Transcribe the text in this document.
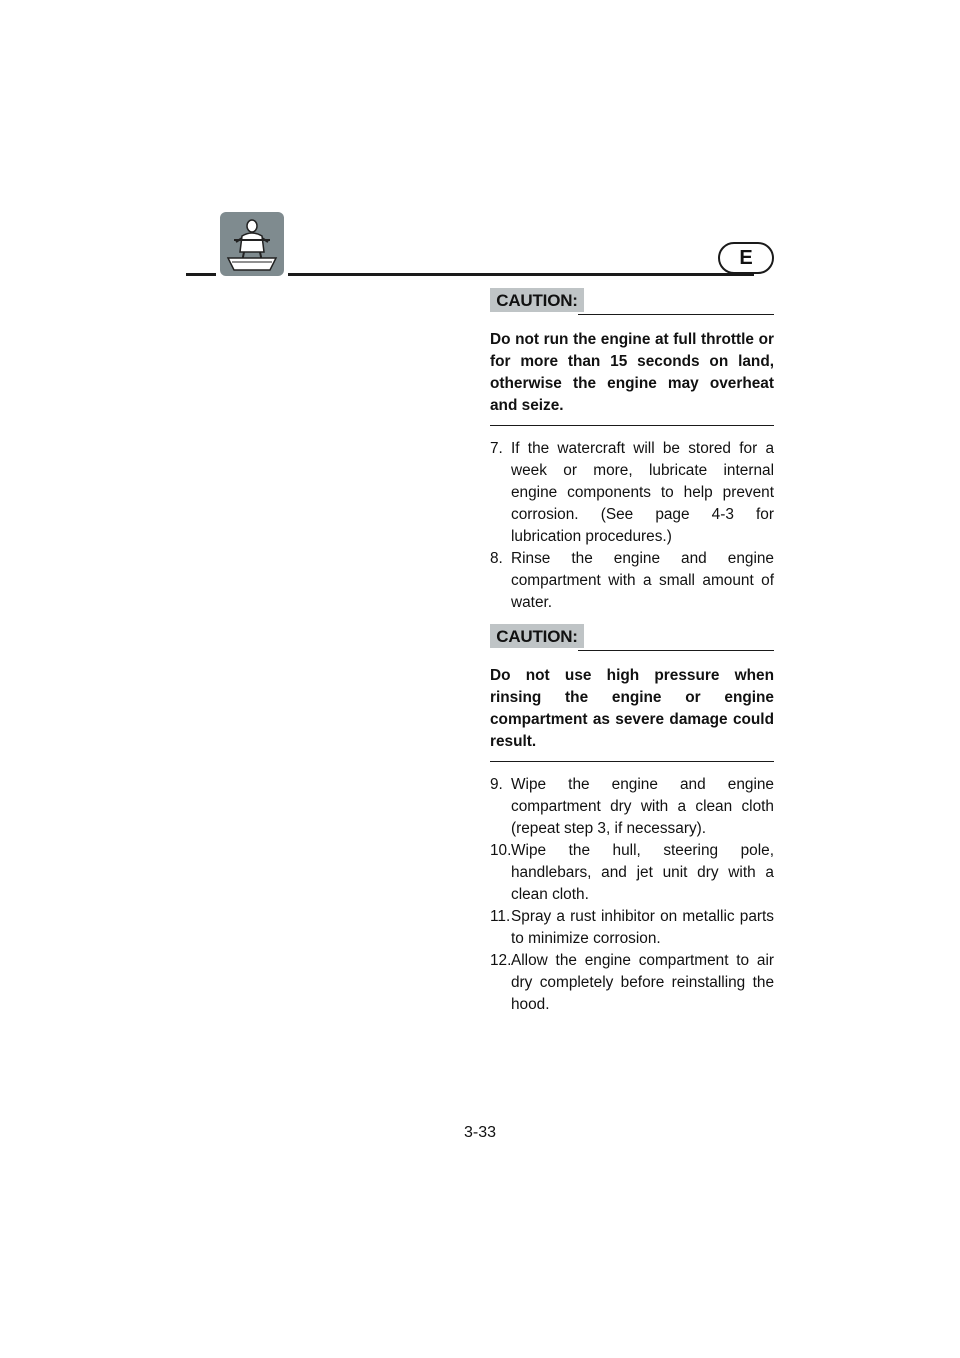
E
CAUTION:
Do not run the engine at full throttle or for more than 15 seconds on land, otherwise the engine may overheat and seize.
7. If the watercraft will be stored for a week or more, lubricate internal engine components to help prevent corrosion. (See page 4-3 for lubrication procedures.)
8. Rinse the engine and engine compartment with a small amount of water.
CAUTION:
Do not use high pressure when rinsing the engine or engine compartment as severe damage could result.
9. Wipe the engine and engine compartment dry with a clean cloth (repeat step 3, if necessary).
10. Wipe the hull, steering pole, handlebars, and jet unit dry with a clean cloth.
11. Spray a rust inhibitor on metallic parts to minimize corrosion.
12. Allow the engine compartment to air dry completely before reinstalling the hood.
3-33
